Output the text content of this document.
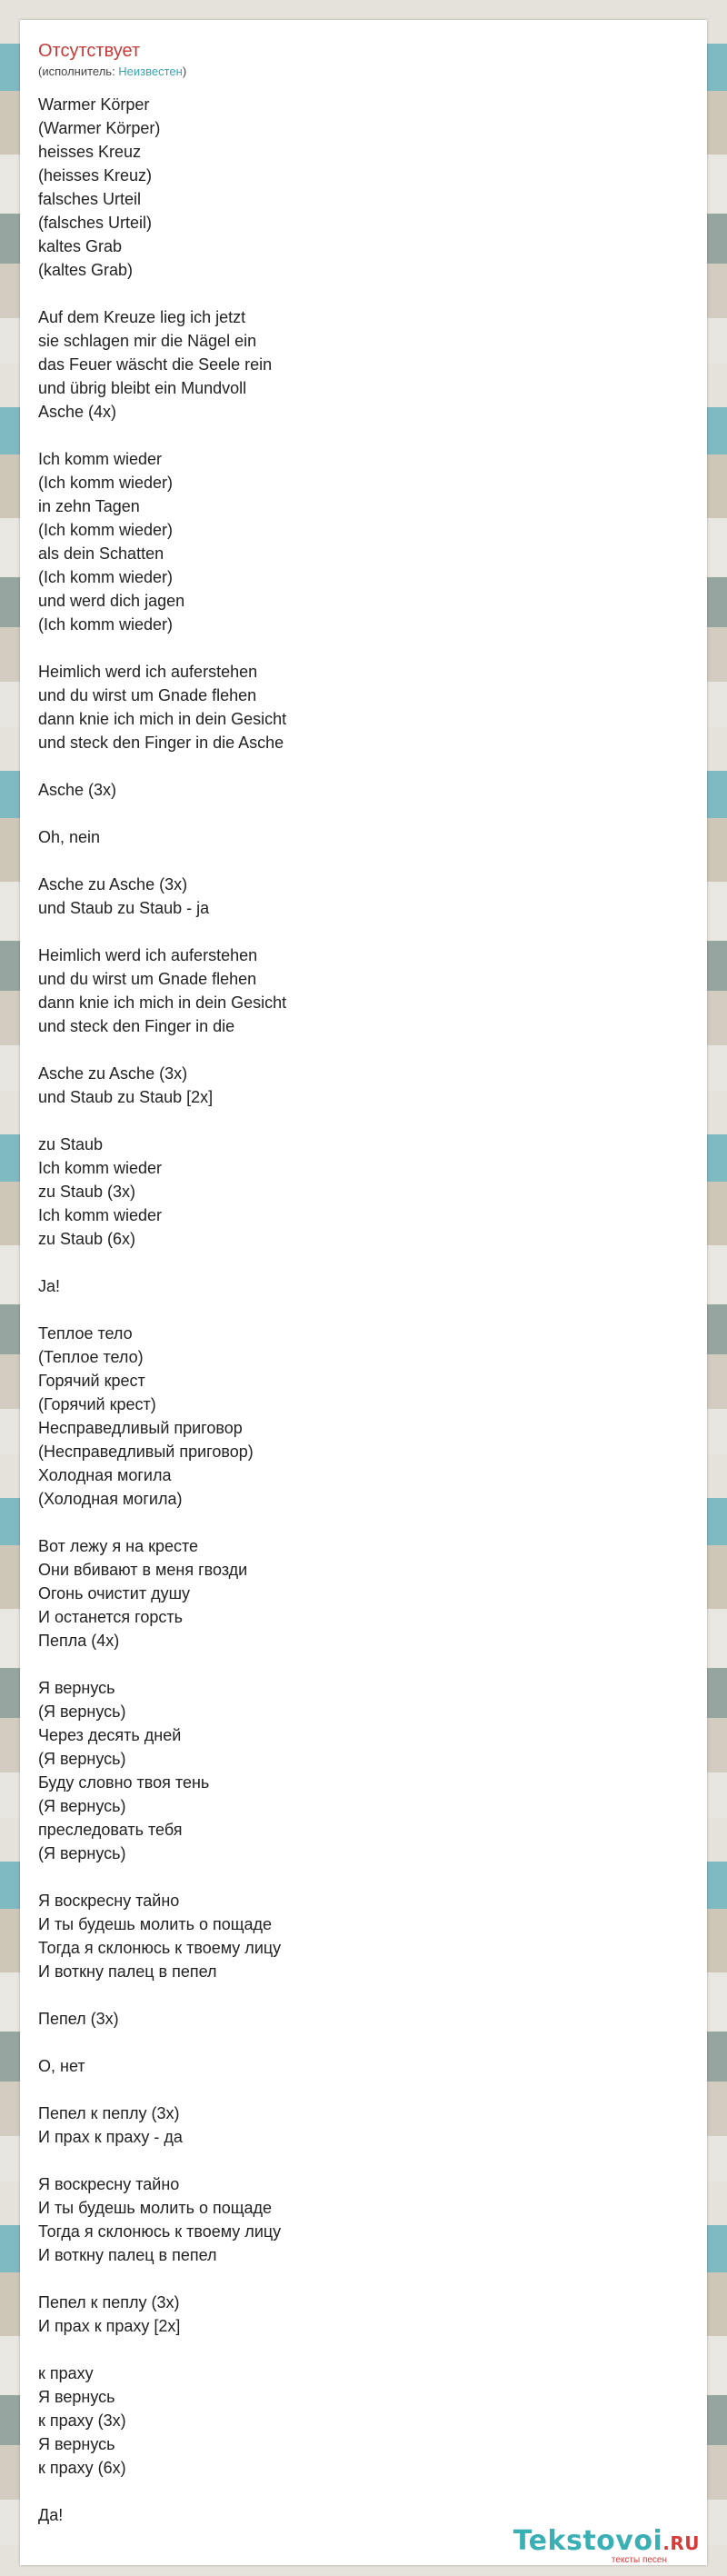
Отсутствует
(исполнитель: Неизвестен)
Warmer Körper
(Warmer Körper)
heisses Kreuz
(heisses Kreuz)
falsches Urteil
(falsches Urteil)
kaltes Grab
(kaltes Grab)

Auf dem Kreuze lieg ich jetzt
sie schlagen mir die Nägel ein
das Feuer wäscht die Seele rein
und übrig bleibt ein Mundvoll
Asche (4x)

Ich komm wieder
(Ich komm wieder)
in zehn Tagen
(Ich komm wieder)
als dein Schatten
(Ich komm wieder)
und werd dich jagen
(Ich komm wieder)

Heimlich werd ich auferstehen
und du wirst um Gnade flehen
dann knie ich mich in dein Gesicht
und steck den Finger in die Asche

Asche (3x)

Oh, nein

Asche zu Asche (3x)
und Staub zu Staub - ja

Heimlich werd ich auferstehen
und du wirst um Gnade flehen
dann knie ich mich in dein Gesicht
und steck den Finger in die

Asche zu Asche (3x)
und Staub zu Staub [2x]

zu Staub
Ich komm wieder
zu Staub (3x)
Ich komm wieder
zu Staub (6x)

Ja!

Теплое тело
(Теплое тело)
Горячий крест
(Горячий крест)
Несправедливый приговор
(Несправедливый приговор)
Холодная могила
(Холодная могила)

Вот лежу я на кресте
Они вбивают в меня гвозди
Огонь очистит душу
И останется горсть
Пепла (4x)

Я вернусь
(Я вернусь)
Через десять дней
(Я вернусь)
Буду словно твоя тень
(Я вернусь)
преследовать тебя
(Я вернусь)

Я воскресну тайно
И ты будешь молить о пощаде
Тогда я склонюсь к твоему лицу
И воткну палец в пепел

Пепел (3x)

О, нет

Пепел к пеплу (3x)
И прах к праху - да

Я воскресну тайно
И ты будешь молить о пощаде
Тогда я склонюсь к твоему лицу
И воткну палец в пепел

Пепел к пеплу (3x)
И прах к праху [2x]

к праху
Я вернусь
к праху (3x)
Я вернусь
к праху (6x)

Да!
Tekstovoi.RU
тексты песен
